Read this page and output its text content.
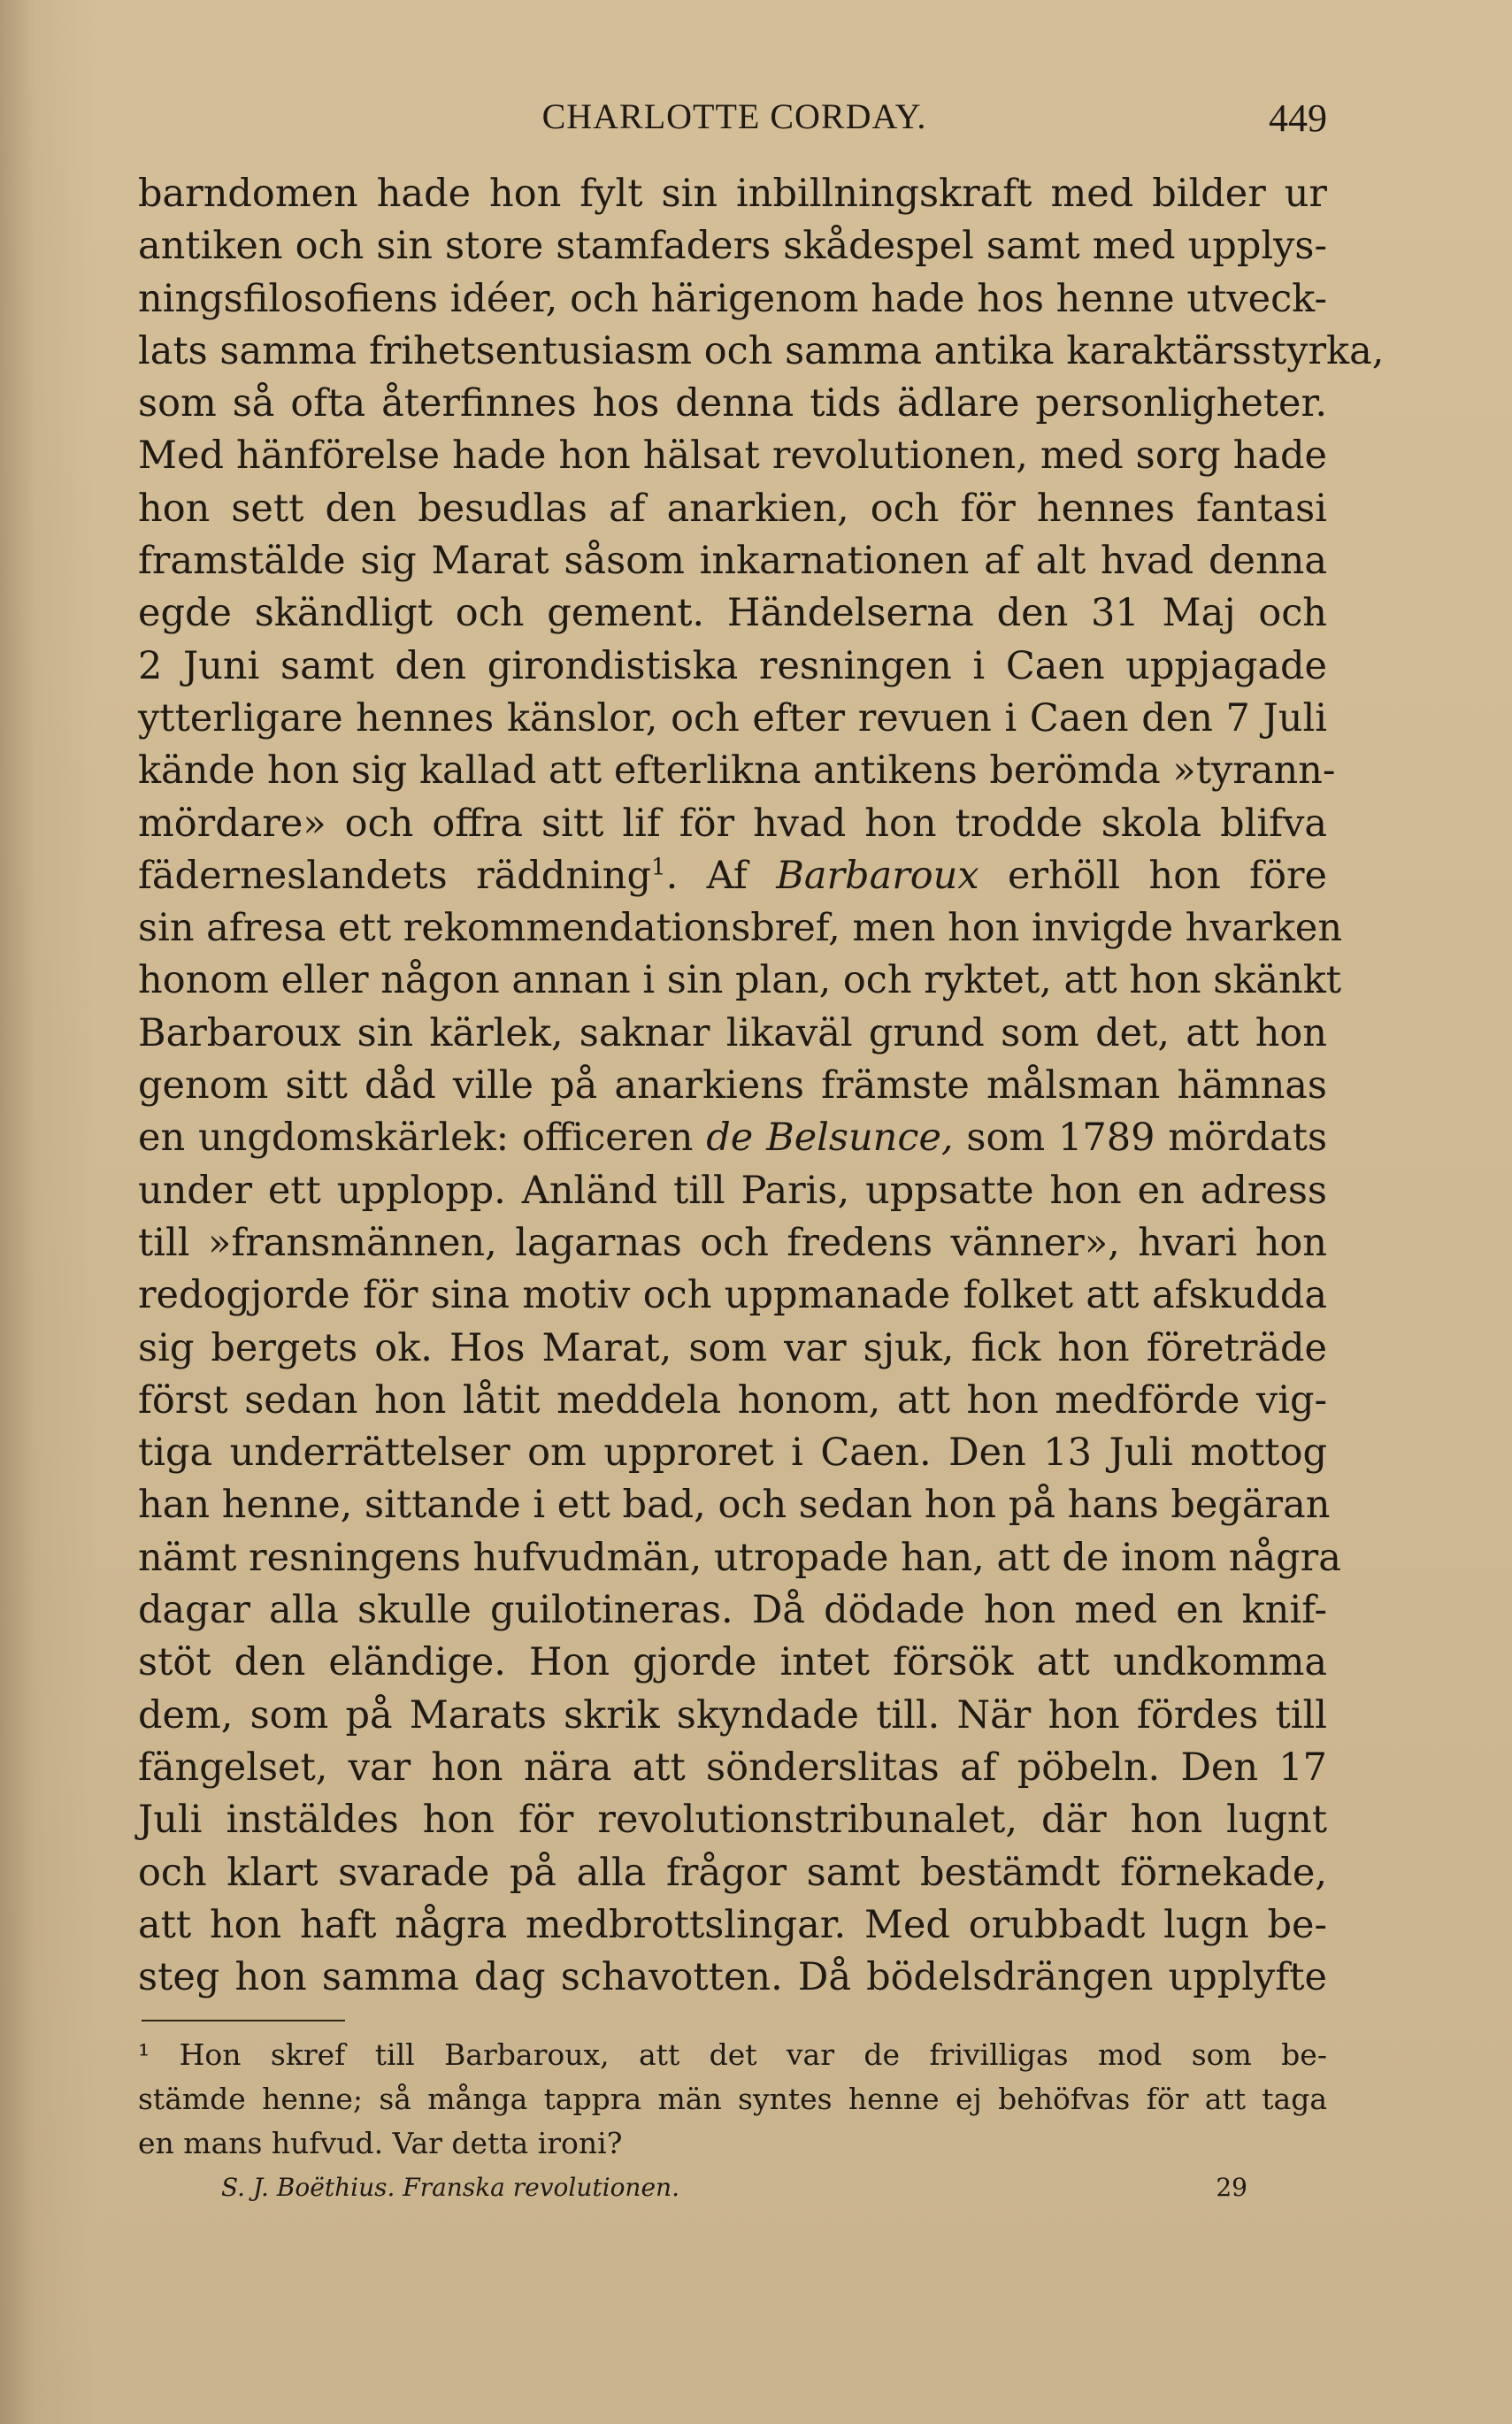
CHARLOTTE CORDAY.	449
barndomen hade hon fylt sin inbillningskraft med bilder ur
antiken och sin store stamfaders skådespel samt med upplys-
ningsfilosofiens idéer, och härigenom hade hos henne utveck-
lats samma frihetsentusiasm och samma antika karaktärsstyrka,
som så ofta återfinnes hos denna tids ädlare personligheter.
Med hänförelse hade hon hälsat revolutionen, med sorg hade
hon sett den besudlas af anarkien, och för hennes fantasi
framstälde sig Marat såsom inkarnationen af alt hvad denna
egde skändligt och gement. Händelserna den 31 Maj och
2 Juni samt den girondistiska resningen i Caen uppjagade
ytterligare hennes känslor, och efter revuen i Caen den 7 Juli
kände hon sig kallad att efterlikna antikens berömda »tyrann-
mördare» och offra sitt lif för hvad hon trodde skola blifva
fäderneslandets räddning$^1$. Af Barbaroux erhöll hon före
sin afresa ett rekommendationsbref, men hon invigde hvarken
honom eller någon annan i sin plan, och ryktet, att hon skänkt
Barbaroux sin kärlek, saknar likaväl grund som det, att hon
genom sitt dåd ville på anarkiens främste målsman hämnas
en ungdomskärlek: officeren de Belsunce, som 1789 mördats
under ett upplopp. Anländ till Paris, uppsatte hon en adress
till »fransmännen, lagarnas och fredens vänner», hvari hon
redogjorde för sina motiv och uppmanade folket att afskudda
sig bergets ok. Hos Marat, som var sjuk, fick hon företräde
först sedan hon låtit meddela honom, att hon medförde vig-
tiga underrättelser om upproret i Caen. Den 13 Juli mottog
han henne, sittande i ett bad, och sedan hon på hans begäran
nämt resningens hufvudmän, utropade han, att de inom några
dagar alla skulle guilotineras. Då dödade hon med en knif-
stöt den eländige. Hon gjorde intet försök att undkomma
dem, som på Marats skrik skyndade till. När hon fördes till
fängelset, var hon nära att sönderslitas af pöbeln. Den 17
Juli instäldes hon för revolutionstribunalet, där hon lugnt
och klart svarade på alla frågor samt bestämdt förnekade,
att hon haft några medbrottslingar. Med orubbadt lugn be-
steg hon samma dag schavotten. Då bödelsdrängen upplyfte
¹ Hon skref till Barbaroux, att det var de frivilligas mod som be-
stämde henne; så många tappra män syntes henne ej behöfvas för att taga
en mans hufvud. Var detta ironi?
S. J. Boëthius. Franska revolutionen.	29
